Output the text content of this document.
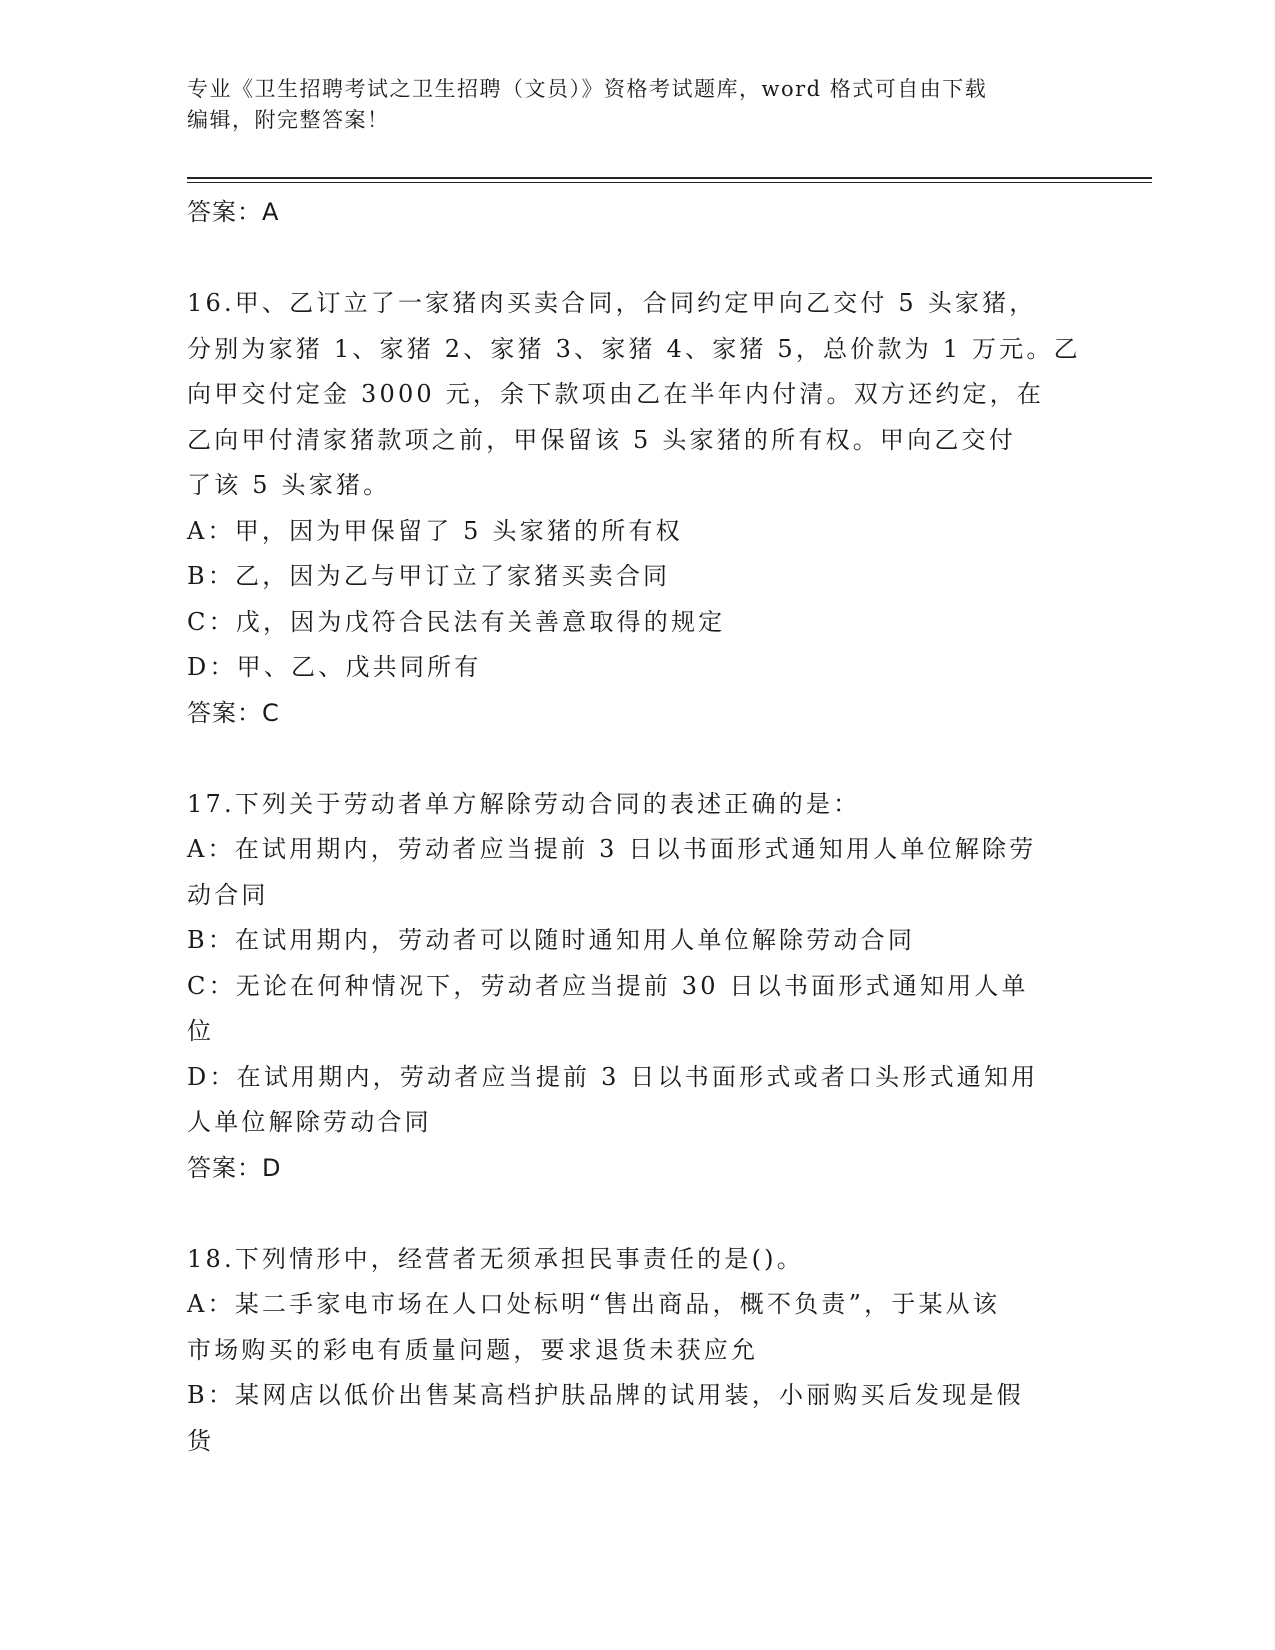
专业《卫生招聘考试之卫生招聘（文员）》资格考试题库，word 格式可自由下载
编辑，附完整答案！
答案：A
16.甲、乙订立了一家猪肉买卖合同，合同约定甲向乙交付 5 头家猪，
分别为家猪 1、家猪 2、家猪 3、家猪 4、家猪 5，总价款为 1 万元。乙
向甲交付定金 3000 元，余下款项由乙在半年内付清。双方还约定，在
乙向甲付清家猪款项之前，甲保留该 5 头家猪的所有权。甲向乙交付
了该 5 头家猪。
A：甲，因为甲保留了 5 头家猪的所有权
B：乙，因为乙与甲订立了家猪买卖合同
C：戊，因为戊符合民法有关善意取得的规定
D：甲、乙、戊共同所有
答案：C
17.下列关于劳动者单方解除劳动合同的表述正确的是：
A：在试用期内，劳动者应当提前 3 日以书面形式通知用人单位解除劳
动合同
B：在试用期内，劳动者可以随时通知用人单位解除劳动合同
C：无论在何种情况下，劳动者应当提前 30 日以书面形式通知用人单
位
D：在试用期内，劳动者应当提前 3 日以书面形式或者口头形式通知用
人单位解除劳动合同
答案：D
18.下列情形中，经营者无须承担民事责任的是()。
A：某二手家电市场在人口处标明“售出商品，概不负责”，于某从该
市场购买的彩电有质量问题，要求退货未获应允
B：某网店以低价出售某高档护肤品牌的试用装，小丽购买后发现是假
货
